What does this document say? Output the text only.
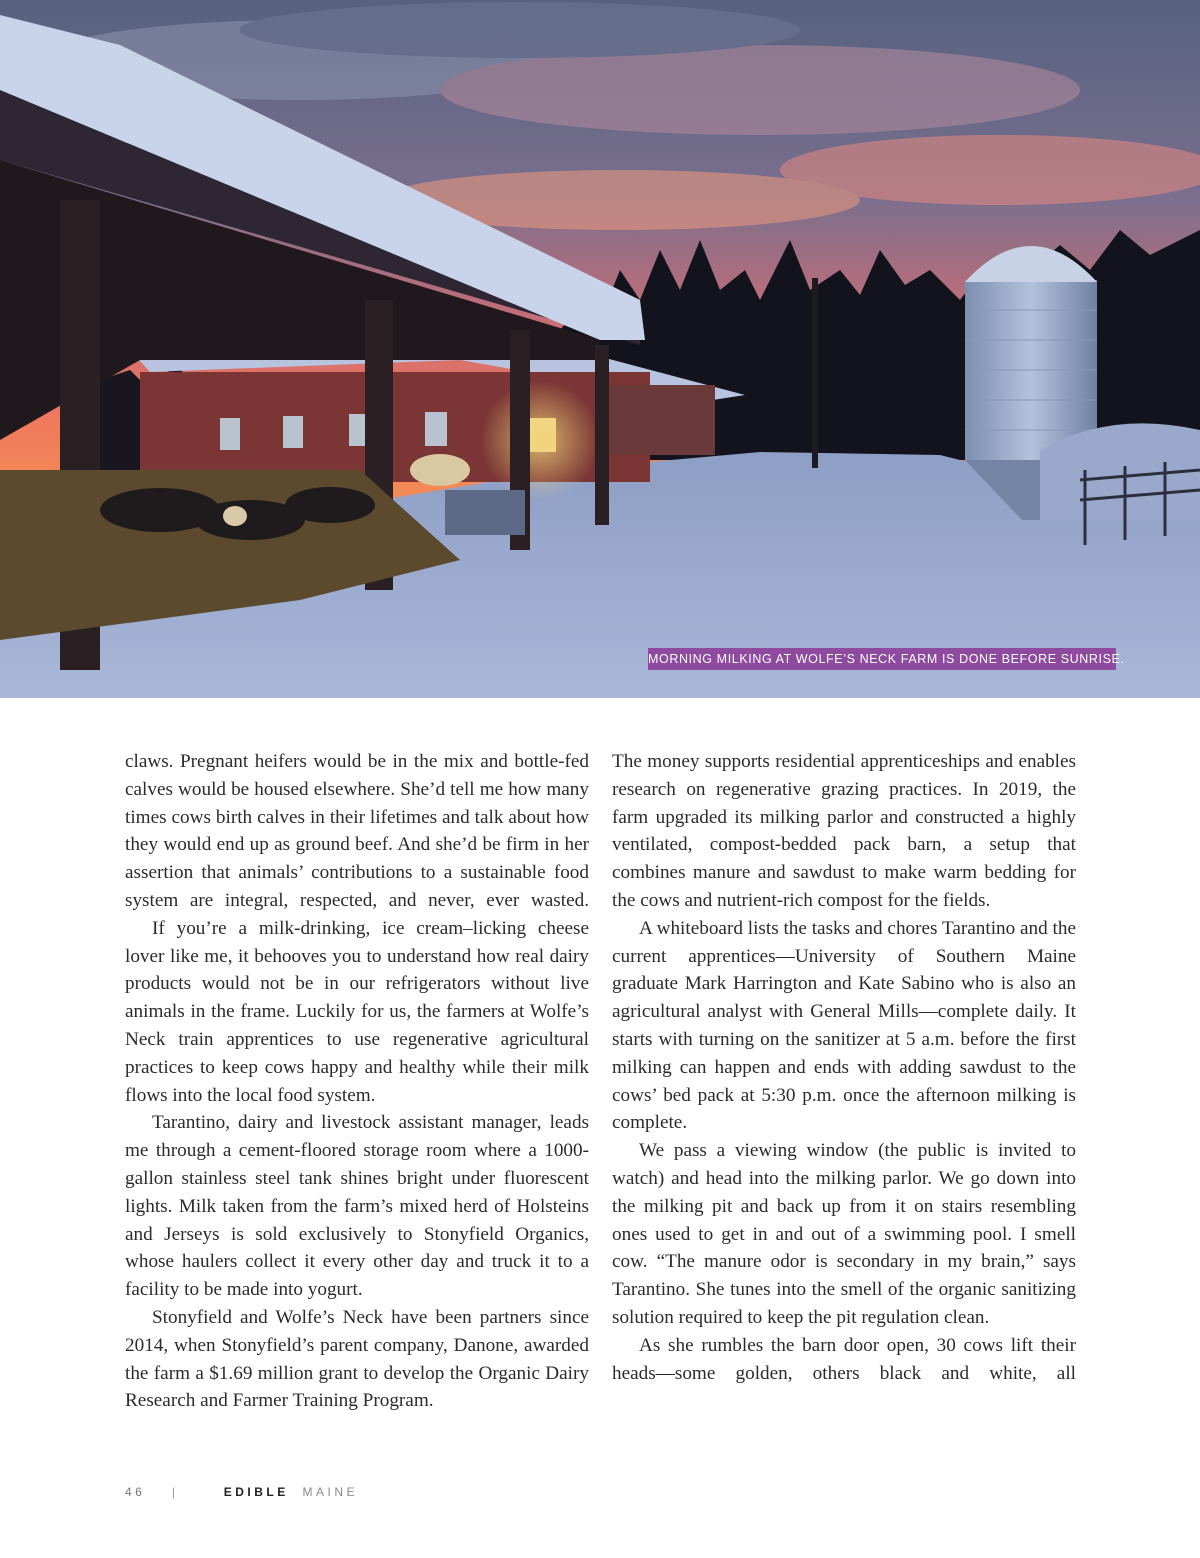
MORNING MILKING AT WOLFE’S NECK FARM IS DONE BEFORE SUNRISE.

claws. Pregnant heifers would be in the mix and bottle-fed calves would be housed elsewhere. She’d tell me how many times cows birth calves in their lifetimes and talk about how they would end up as ground beef. And she’d be firm in her assertion that animals’ contributions to a sustainable food system are integral, respected, and never, ever wasted.

If you’re a milk-drinking, ice cream–licking cheese lover like me, it behooves you to understand how real dairy products would not be in our refrigerators without live animals in the frame. Luckily for us, the farmers at Wolfe’s Neck train apprentices to use regenerative agricultural practices to keep cows happy and healthy while their milk flows into the local food system.

Tarantino, dairy and livestock assistant manager, leads me through a cement-floored storage room where a 1000-gallon stainless steel tank shines bright under fluorescent lights. Milk taken from the farm’s mixed herd of Holsteins and Jerseys is sold exclusively to Stonyfield Organics, whose haulers collect it every other day and truck it to a facility to be made into yogurt.

Stonyfield and Wolfe’s Neck have been partners since 2014, when Stonyfield’s parent company, Danone, awarded the farm a $1.69 million grant to develop the Organic Dairy Research and Farmer Training Program.

The money supports residential apprenticeships and enables research on regenerative grazing practices. In 2019, the farm upgraded its milking parlor and constructed a highly ventilated, compost-bedded pack barn, a setup that combines manure and sawdust to make warm bedding for the cows and nutrient-rich compost for the fields.

A whiteboard lists the tasks and chores Tarantino and the current apprentices—University of Southern Maine graduate Mark Harrington and Kate Sabino who is also an agricultural analyst with General Mills—complete daily. It starts with turning on the sanitizer at 5 a.m. before the first milking can happen and ends with adding sawdust to the cows’ bed pack at 5:30 p.m. once the afternoon milking is complete.

We pass a viewing window (the public is invited to watch) and head into the milking parlor. We go down into the milking pit and back up from it on stairs resembling ones used to get in and out of a swimming pool. I smell cow. “The manure odor is secondary in my brain,” says Tarantino. She tunes into the smell of the organic sanitizing solution required to keep the pit regulation clean.

As she rumbles the barn door open, 30 cows lift their heads—some golden, others black and white, all

46 |	EDIBLE MAINE
